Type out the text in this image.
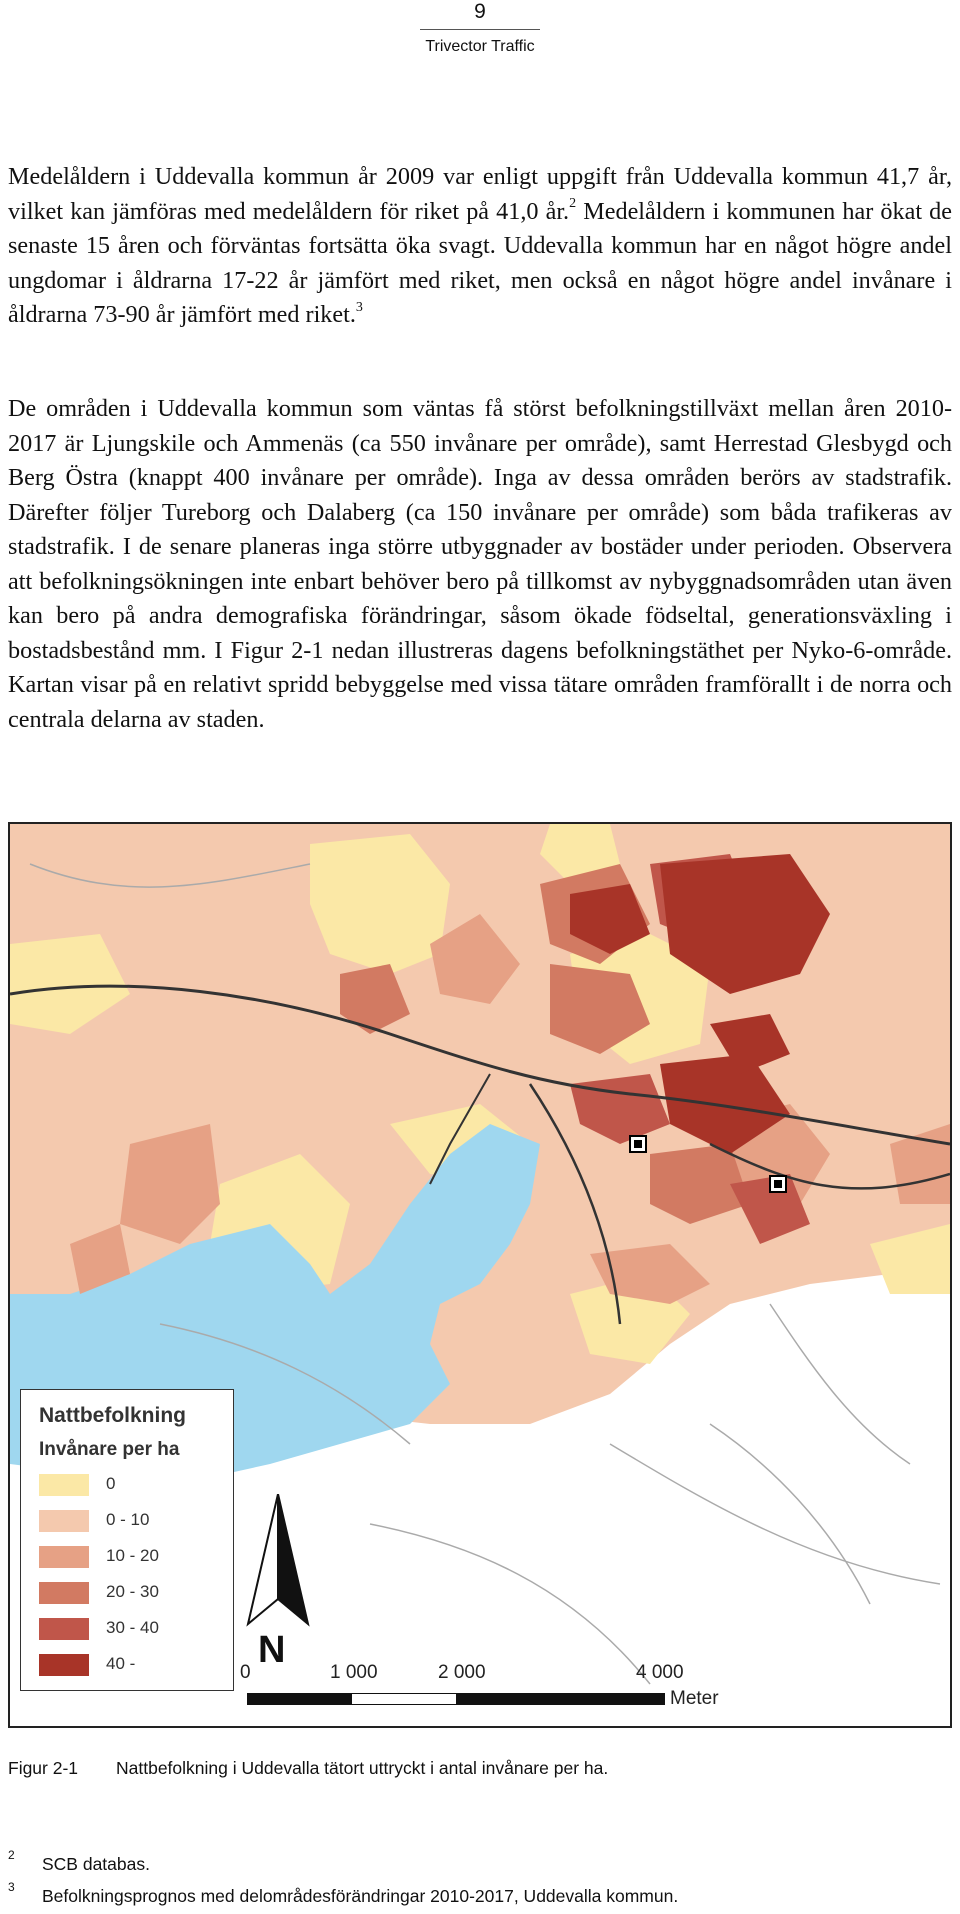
9
Trivector Traffic
Medelåldern i Uddevalla kommun år 2009 var enligt uppgift från Uddevalla kommun 41,7 år, vilket kan jämföras med medelåldern för riket på 41,0 år.$^2$ Medelåldern i kommunen har ökat de senaste 15 åren och förväntas fortsätta öka svagt. Uddevalla kommun har en något högre andel ungdomar i åldrarna 17-22 år jämfört med riket, men också en något högre andel invånare i åldrarna 73-90 år jämfört med riket.$^3$
De områden i Uddevalla kommun som väntas få störst befolkningstillväxt mellan åren 2010-2017 är Ljungskile och Ammenäs (ca 550 invånare per område), samt Herrestad Glesbygd och Berg Östra (knappt 400 invånare per område). Inga av dessa områden berörs av stadstrafik. Därefter följer Tureborg och Dalaberg (ca 150 invånare per område) som båda trafikeras av stadstrafik. I de senare planeras inga större utbyggnader av bostäder under perioden. Observera att befolkningsökningen inte enbart behöver bero på tillkomst av nybyggnadsområden utan även kan bero på andra demografiska förändringar, såsom ökade födseltal, generationsväxling i bostadsbestånd mm. I Figur 2-1 nedan illustreras dagens befolkningstäthet per Nyko-6-område. Kartan visar på en relativt spridd bebyggelse med vissa tätare områden framförallt i de norra och centrala delarna av staden.
Nattbefolkning
Invånare per ha
0
0 - 10
10 - 20
20 - 30
30 - 40
40 -	N
0	1 000	2 000	4 000
Meter
Figur 2-1 Nattbefolkning i Uddevalla tätort uttryckt i antal invånare per ha.
2 SCB databas.
3 Befolkningsprognos med delområdesförändringar 2010-2017, Uddevalla kommun.
